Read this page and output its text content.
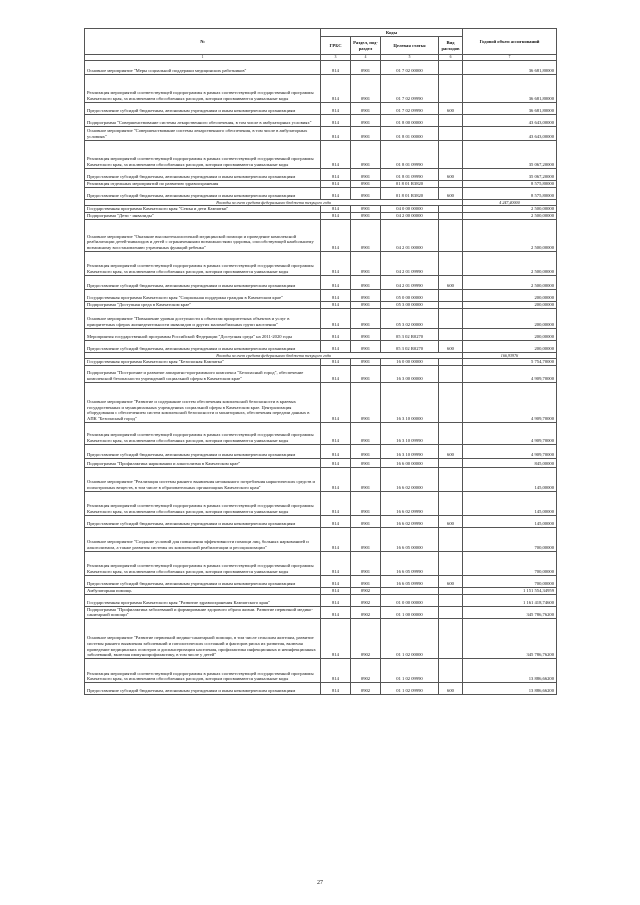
№	Коды				Годовой объем ассигнований
	ГРБС	Раздел, под-раздел	Целевая статья	Вид расходов	
1	3	4	5	6	7
Основное мероприятие "Меры социальной поддержки медицинских работников"	814	0901	01 7 02 00000		36 681,80000
Реализация мероприятий соответствующей подпрограммы в рамках соответствующей государственной программы Камчатского края, за исключением обособленных расходов, которым присваиваются уникальные коды	814	0901	01 7 02 09990		36 681,80000
Предоставление субсидий бюджетным, автономным учреждениям и иным некоммерческим организациям	814	0901	01 7 02 09990	600	36 681,80000
Подпрограмма "Совершенствование системы лекарственного обеспечения, в том числе в амбулаторных условиях"	814	0901	01 8 00 00000		43 643,00000
Основное мероприятие "Совершенствование системы лекарственного обеспечения, в том числе в амбулаторных условиях"	814	0901	01 8 01 00000		43 643,00000
Реализация мероприятий соответствующей подпрограммы в рамках соответствующей государственной программы Камчатского края, за исключением обособленных расходов, которым присваиваются уникальные коды	814	0901	01 8 01 09990		35 067,20000
Предоставление субсидий бюджетным, автономным учреждениям и иным некоммерческим организациям	814	0901	01 8 01 09990	600	35 067,20000
Реализация отдельных мероприятий по развитию здравоохранения	814	0901	01 8 01 R3820		8 575,80000
Предоставление субсидий бюджетным, автономным учреждениям и иным некоммерческим организациям	814	0901	01 8 01 R3820	600	8 575,80000
Расходы за счет средств федерального бюджета текущего года					4 247,40000
Государственная программа Камчатского края "Семья и дети Камчатки"	814	0901	04 0 00 00000		2 500,00000
Подпрограмма "Дети - инвалиды"	814	0901	04 2 00 00000		2 500,00000
Основное мероприятие "Оказание высокотехнологичной медицинской помощи и проведение комплексной реабилитации детей-инвалидов и детей с ограниченными возможностями здоровья, способствующей наибольшему возможному восстановлению утраченных функций ребенка"	814	0901	04 2 01 00000		2 500,00000
Реализация мероприятий соответствующей подпрограммы в рамках соответствующей государственной программы Камчатского края, за исключением обособленных расходов, которым присваиваются уникальные коды	814	0901	04 2 01 09990		2 500,00000
Предоставление субсидий бюджетным, автономным учреждениям и иным некоммерческим организациям	814	0901	04 2 01 09990	600	2 500,00000
Государственная программа Камчатского края "Социальная поддержка граждан в Камчатском крае"	814	0901	05 0 00 00000		200,00000
Подпрограмма "Доступная среда в Камчатском крае"	814	0901	05 3 00 00000		200,00000
Основное мероприятие "Повышение уровня доступности к объектам приоритетных объектов и услуг в приоритетных сферах жизнедеятельности инвалидов и других маломобильных групп населения"	814	0901	05 3 02 00000		200,00000
Мероприятия государственной программы Российской Федерации "Доступная среда" на 2011-2020 годы	814	0901	05 3 02 R0270		200,00000
Предоставление субсидий бюджетным, автономным учреждениям и иным некоммерческим организациям	814	0901	05 3 02 R0270	600	200,00000
Расходы за счет средств федерального бюджета текущего года					166,93976
Государственная программа Камчатского края "Безопасная Камчатка"	814	0901	16 0 00 00000		5 754,70000
Подпрограмма "Построение и развитие аппаратно-программного комплекса "Безопасный город", обеспечение комплексной безопасности учреждений социальной сферы в Камчатском крае"	814	0901	16 3 00 00000		4 909,70000
Основное мероприятие "Развитие и содержание систем обеспечения комплексной безопасности в краевых государственных и муниципальных учреждениях социальной сферы в Камчатском крае. Централизация оборудования с обеспечением систем комплексной безопасности и мониторинга, обеспечения передачи данных в АПК "Безопасный город"	814	0901	16 3 10 00000		4 909,70000
Реализация мероприятий соответствующей подпрограммы в рамках соответствующей государственной программы Камчатского края, за исключением обособленных расходов, которым присваиваются уникальные коды	814	0901	16 3 10 09990		4 909,70000
Предоставление субсидий бюджетным, автономным учреждениям и иным некоммерческим организациям	814	0901	16 3 10 09990	600	4 909,70000
Подпрограмма "Профилактика наркомании и алкоголизма в Камчатском крае"	814	0901	16 6 00 00000		845,00000
Основное мероприятие "Реализация системы раннего выявления незаконного потребления наркотических средств и психотропных веществ, в том числе в образовательных организациях Камчатского края"	814	0901	16 6 02 00000		145,00000
Реализация мероприятий соответствующей подпрограммы в рамках соответствующей государственной программы Камчатского края, за исключением обособленных расходов, которым присваиваются уникальные коды	814	0901	16 6 02 09990		145,00000
Предоставление субсидий бюджетным, автономным учреждениям и иным некоммерческим организациям	814	0901	16 6 02 09990	600	145,00000
Основное мероприятие "Создание условий для повышения эффективности помощи лиц, больных наркоманией и алкоголизмом, а также развития системы их комплексной реабилитации и ресоциализации"	814	0901	16 6 05 00000		700,00000
Реализация мероприятий соответствующей подпрограммы в рамках соответствующей государственной программы Камчатского края, за исключением обособленных расходов, которым присваиваются уникальные коды	814	0901	16 6 05 09990		700,00000
Предоставление субсидий бюджетным, автономным учреждениям и иным некоммерческим организациям	814	0901	16 6 05 09990	600	700,00000
Амбулаторная помощь	814	0902			1 151 554,34959
Государственная программа Камчатского края "Развитие здравоохранения Камчатского края"	814	0902	01 0 00 00000		1 161 418,74600
Подпрограмма "Профилактика заболеваний и формирование здорового образа жизни. Развитие первичной медико-санитарной помощи"	814	0902	01 1 00 00000		345 786,76200
Основное мероприятие "Развитие первичной медико-санитарной помощи, в том числе сельским жителям, развитие системы раннего выявления заболеваний и патологических состояний и факторов риска их развития, включая проведение медицинских осмотров и диспансеризации населения, профилактика инфекционных и неинфекционных заболеваний, включая иммунопрофилактику, в том числе у детей"	814	0902	01 1 02 00000		345 786,76200
Реализация мероприятий соответствующей подпрограммы в рамках соответствующей государственной программы Камчатского края, за исключением обособленных расходов, которым присваиваются уникальные коды	814	0902	01 1 02 09990		13 886,66200
Предоставление субсидий бюджетным, автономным учреждениям и иным некоммерческим организациям	814	0902	01 1 02 09990	600	13 886,66200
27
